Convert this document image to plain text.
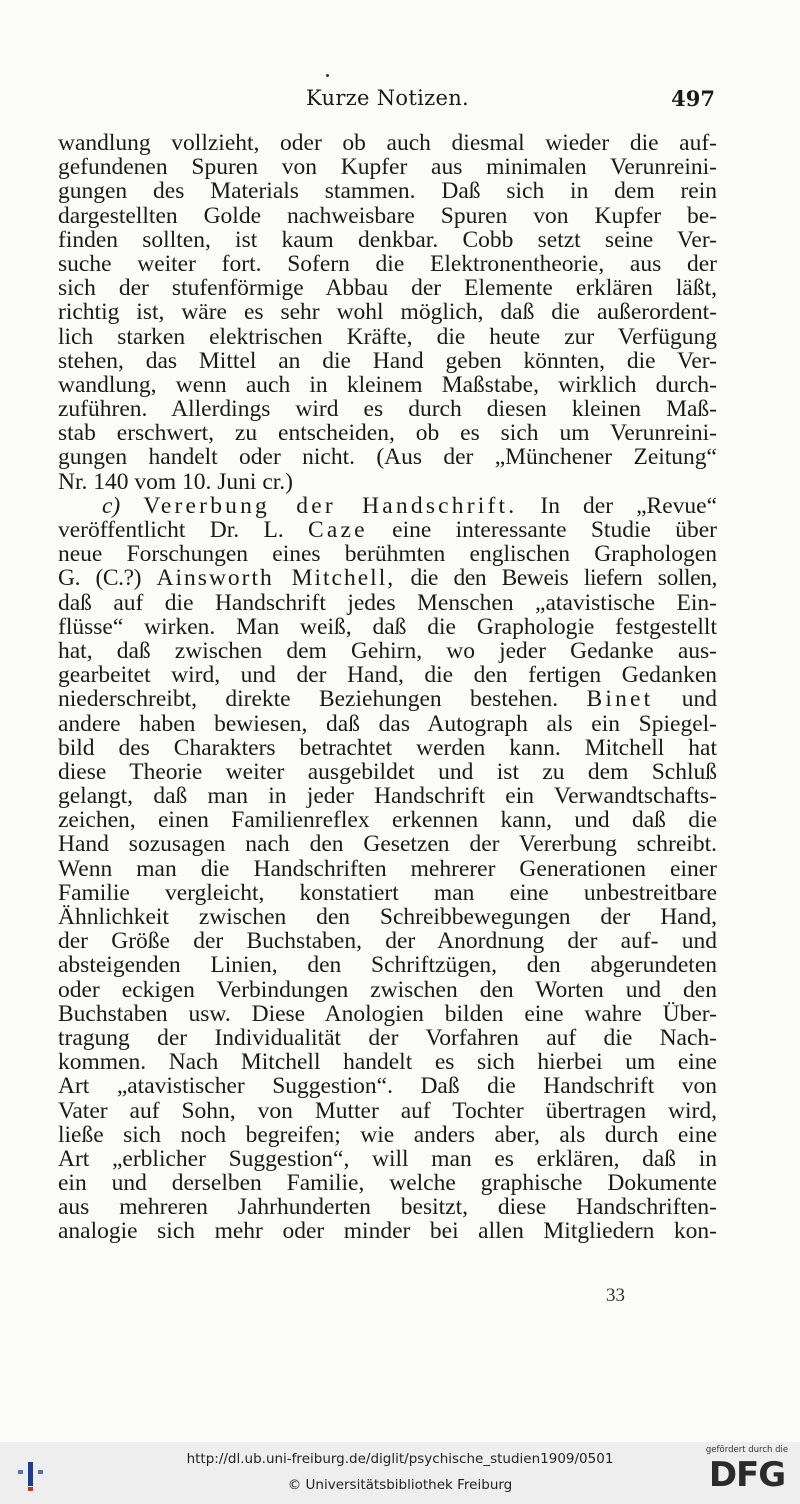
Kurze Notizen.	497
wandlung vollzieht, oder ob auch diesmal wieder die auf-
gefundenen Spuren von Kupfer aus minimalen Verunreini-
gungen des Materials stammen. Daß sich in dem rein
dargestellten Golde nachweisbare Spuren von Kupfer be-
finden sollten, ist kaum denkbar. Cobb setzt seine Ver-
suche weiter fort. Sofern die Elektronentheorie, aus der
sich der stufenförmige Abbau der Elemente erklären läßt,
richtig ist, wäre es sehr wohl möglich, daß die außerordent-
lich starken elektrischen Kräfte, die heute zur Verfügung
stehen, das Mittel an die Hand geben könnten, die Ver-
wandlung, wenn auch in kleinem Maßstabe, wirklich durch-
zuführen. Allerdings wird es durch diesen kleinen Maß-
stab erschwert, zu entscheiden, ob es sich um Verunreini-
gungen handelt oder nicht. (Aus der „Münchener Zeitung“
Nr. 140 vom 10. Juni cr.)
c) Vererbung der Handschrift. In der „Revue“
veröffentlicht Dr. L. Caze eine interessante Studie über
neue Forschungen eines berühmten englischen Graphologen
G. (C.?) Ainsworth Mitchell, die den Beweis liefern sollen,
daß auf die Handschrift jedes Menschen „atavistische Ein-
flüsse“ wirken. Man weiß, daß die Graphologie festgestellt
hat, daß zwischen dem Gehirn, wo jeder Gedanke aus-
gearbeitet wird, und der Hand, die den fertigen Gedanken
niederschreibt, direkte Beziehungen bestehen. Binet und
andere haben bewiesen, daß das Autograph als ein Spiegel-
bild des Charakters betrachtet werden kann. Mitchell hat
diese Theorie weiter ausgebildet und ist zu dem Schluß
gelangt, daß man in jeder Handschrift ein Verwandtschafts-
zeichen, einen Familienreflex erkennen kann, und daß die
Hand sozusagen nach den Gesetzen der Vererbung schreibt.
Wenn man die Handschriften mehrerer Generationen einer
Familie vergleicht, konstatiert man eine unbestreitbare
Ähnlichkeit zwischen den Schreibbewegungen der Hand,
der Größe der Buchstaben, der Anordnung der auf- und
absteigenden Linien, den Schriftzügen, den abgerundeten
oder eckigen Verbindungen zwischen den Worten und den
Buchstaben usw. Diese Anologien bilden eine wahre Über-
tragung der Individualität der Vorfahren auf die Nach-
kommen. Nach Mitchell handelt es sich hierbei um eine
Art „atavistischer Suggestion“. Daß die Handschrift von
Vater auf Sohn, von Mutter auf Tochter übertragen wird,
ließe sich noch begreifen; wie anders aber, als durch eine
Art „erblicher Suggestion“, will man es erklären, daß in
ein und derselben Familie, welche graphische Dokumente
aus mehreren Jahrhunderten besitzt, diese Handschriften-
analogie sich mehr oder minder bei allen Mitgliedern kon-
33
http://dl.ub.uni-freiburg.de/diglit/psychische_studien1909/0501
© Universitätsbibliothek Freiburg
gefördert durch die
DFG
